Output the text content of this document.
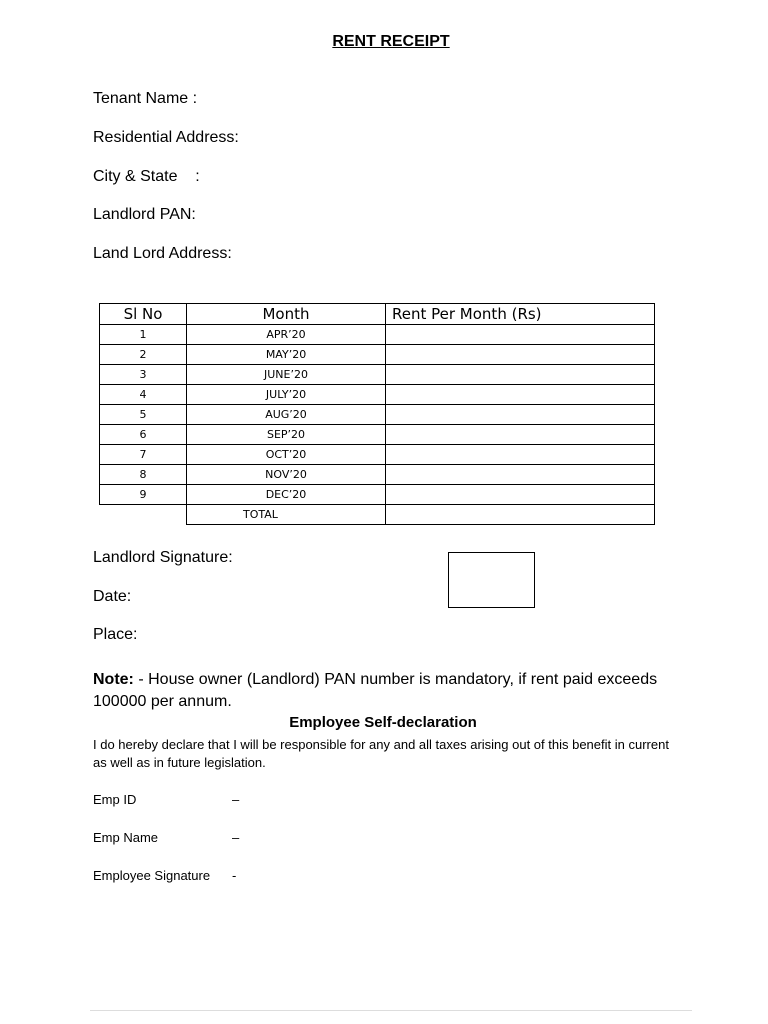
RENT RECEIPT
Tenant Name :
Residential Address:
City & State    :
Landlord PAN:
Land Lord Address:
Sl No	Month	Rent Per Month (Rs)
1	APR’20	
2	MAY’20	
3	JUNE’20	
4	JULY’20	
5	AUG’20	
6	SEP’20	
7	OCT’20	
8	NOV’20	
9	DEC’20	
	TOTAL	
Landlord Signature:
Date:
Place:
Note: - House owner (Landlord) PAN number is mandatory, if rent paid exceeds 100000 per annum.
Employee Self-declaration
I do hereby declare that I will be responsible for any and all taxes arising out of this benefit in current as well as in future legislation.
Emp ID	–
Emp Name	–
Employee Signature -
